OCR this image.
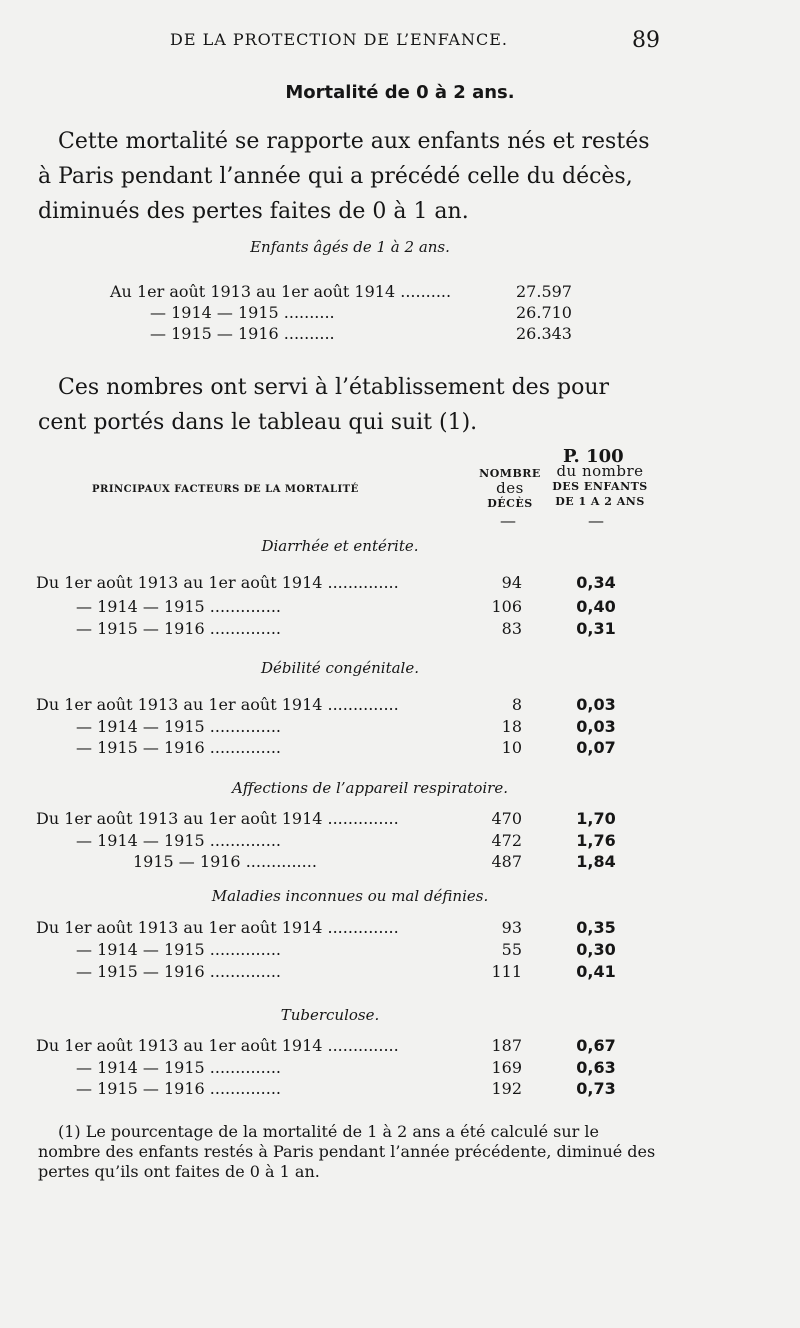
DE LA PROTECTION DE L’ENFANCE.	89
Mortalité de 0 à 2 ans.
Cette mortalité se rapporte aux enfants nés et restés à Paris pendant l’année qui a précédé celle du décès, diminués des pertes faites de 0 à 1 an.
Enfants âgés de 1 à 2 ans.
Au 1er août 1913 au 1er août 1914 ..........	27.597
— 1914 — 1915 ..........	26.710
— 1915 — 1916 ..........	26.343
Ces nombres ont servi à l’établissement des pour cent portés dans le tableau qui suit (1).
P. 100
PRINCIPAUX FACTEURS DE LA MORTALITÉ
NOMBRE
des
DÉCÈS
du nombre
DES ENFANTS
DE 1 A 2 ANS
—	—
Diarrhée et entérite.
Du 1er août 1913 au 1er août 1914 ..............	94	0,34
— 1914 — 1915 ..............	106	0,40
— 1915 — 1916 ..............	83	0,31
Débilité congénitale.
Du 1er août 1913 au 1er août 1914 ..............	8	0,03
— 1914 — 1915 ..............	18	0,03
— 1915 — 1916 ..............	10	0,07
Affections de l’appareil respiratoire.
Du 1er août 1913 au 1er août 1914 ..............	470	1,70
— 1914 — 1915 ..............	472	1,76
1915 — 1916 ..............	487	1,84
Maladies inconnues ou mal définies.
Du 1er août 1913 au 1er août 1914 ..............	93	0,35
— 1914 — 1915 ..............	55	0,30
— 1915 — 1916 ..............	111	0,41
Tuberculose.
Du 1er août 1913 au 1er août 1914 ..............	187	0,67
— 1914 — 1915 ..............	169	0,63
— 1915 — 1916 ..............	192	0,73
(1) Le pourcentage de la mortalité de 1 à 2 ans a été calculé sur le nombre des enfants restés à Paris pendant l’année précédente, diminué des pertes qu’ils ont faites de 0 à 1 an.
